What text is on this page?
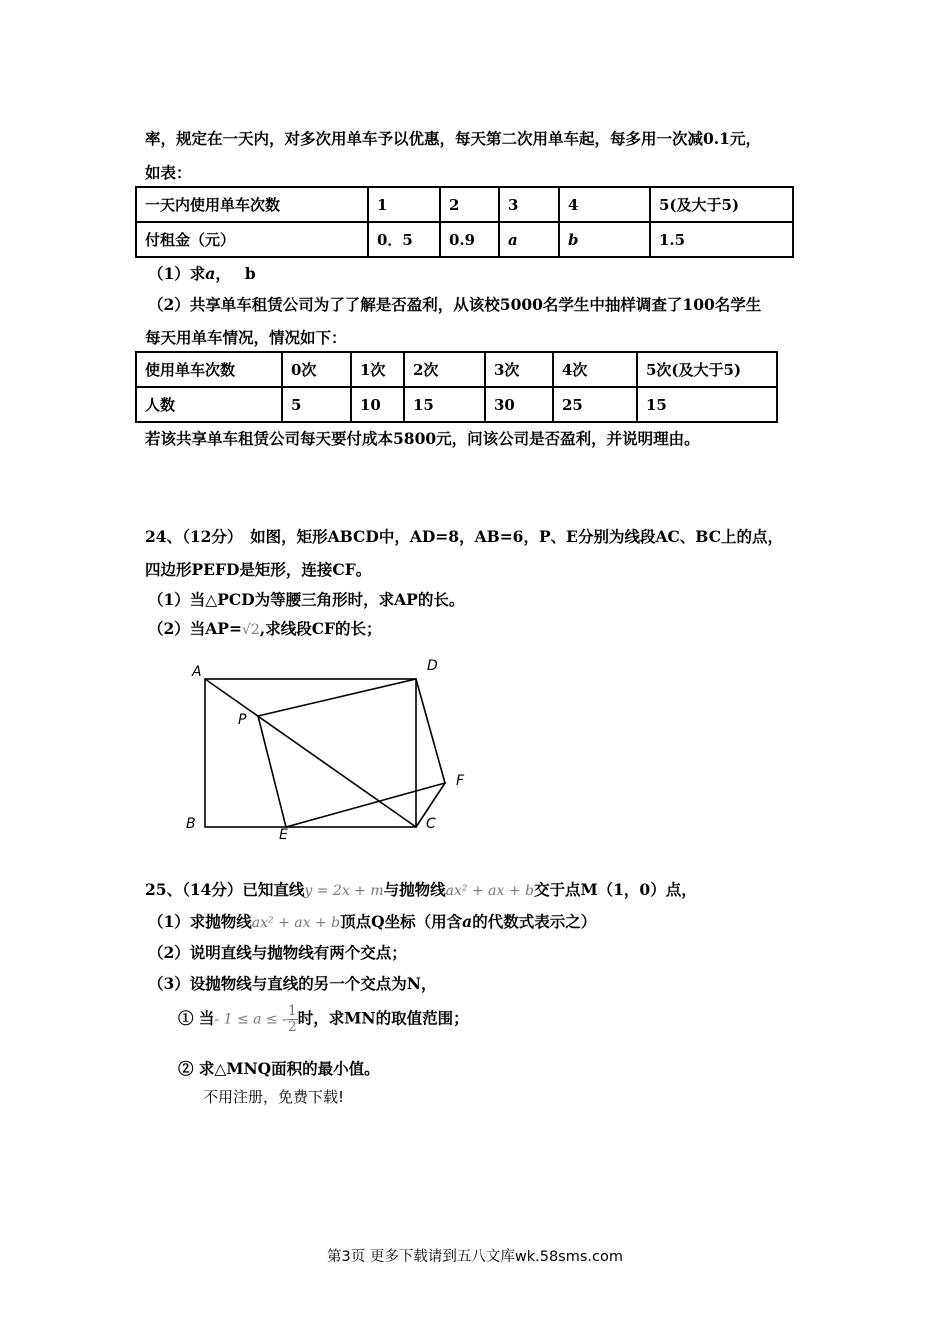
率，规定在一天内，对多次用单车予以优惠，每天第二次用单车起，每多用一次减0.1元，
如表：
一天内使用单车次数	1	2	3	4	5(及大于5)
付租金（元）	0．5	0.9	a	b	1.5
（1）求a， b
（2）共享单车租赁公司为了了解是否盈利，从该校5000名学生中抽样调查了100名学生
每天用单车情况，情况如下：
使用单车次数	0次	1次	2次	3次	4次	5次(及大于5)
人数	5	10	15	30	25	15
若该共享单车租赁公司每天要付成本5800元，问该公司是否盈利，并说明理由。
24、（12分）　如图，矩形ABCD中，AD=8，AB=6，P、E分别为线段AC、BC上的点，
四边形PEFD是矩形，连接CF。
（1）当△PCD为等腰三角形时，求AP的长。
（2）当AP=√2,求线段CF的长；
A	D
P
F
B	C
E
25、（14分）已知直线y = 2x + m与抛物线ax² + ax + b交于点M（1，0）点，
（1）求抛物线ax² + ax + b顶点Q坐标（用含a的代数式表示之）
（2）说明直线与抛物线有两个交点；
（3）设抛物线与直线的另一个交点为N，
① 当- 1 ≤ a ≤ - $\frac{1}{2}$ 时，求MN的取值范围；
② 求△MNQ面积的最小值。
不用注册，免费下载!
第3页 更多下载请到五八文库wk.58sms.com
